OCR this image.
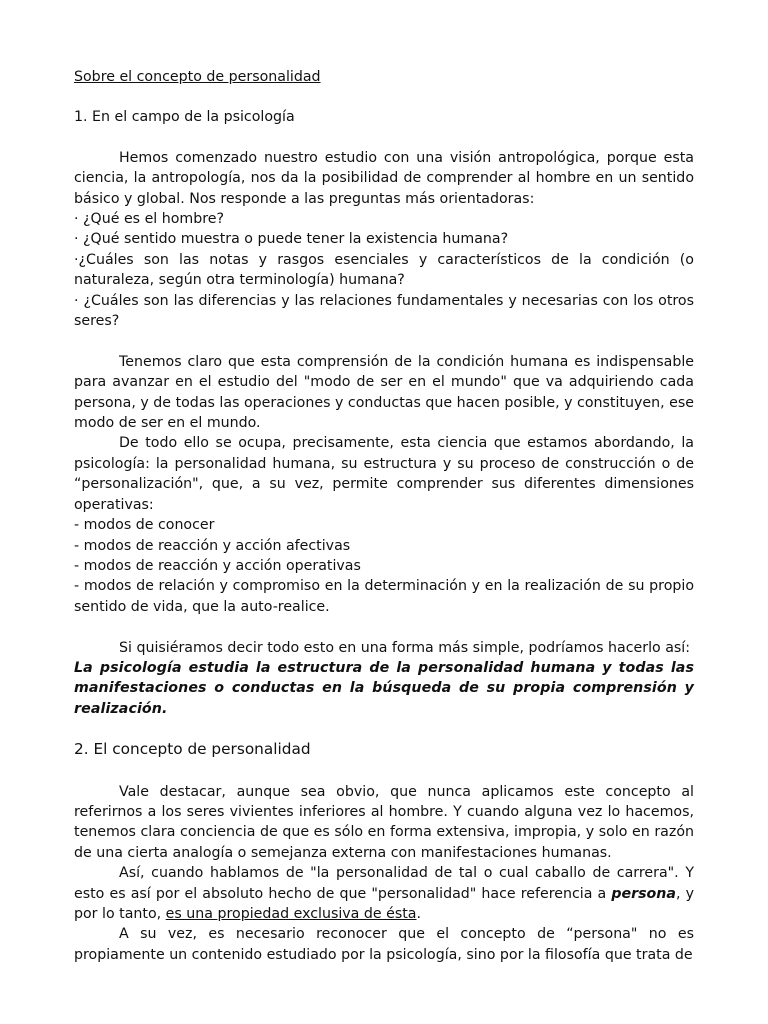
Sobre el concepto de personalidad
1. En el campo de la psicología

Hemos comenzado nuestro estudio con una visión antropológica, porque esta ciencia, la antropología, nos da la posibilidad de comprender al hombre en un sentido básico y global. Nos responde a las preguntas más orientadoras:

· ¿Qué es el hombre?

· ¿Qué sentido muestra o puede tener la existencia humana?

·¿Cuáles son las notas y rasgos esenciales y característicos de la condición (o naturaleza, según otra terminología) humana?

· ¿Cuáles son las diferencias y las relaciones fundamentales y necesarias con los otros seres?

Tenemos claro que esta comprensión de la condición humana es indispensable para avanzar en el estudio del "modo de ser en el mundo" que va adquiriendo cada persona, y de todas las operaciones y conductas que hacen posible, y constituyen, ese modo de ser en el mundo.

De todo ello se ocupa, precisamente, esta ciencia que estamos abordando, la psicología: la personalidad humana, su estructura y su proceso de construcción o de “personalización", que, a su vez, permite comprender sus diferentes dimensiones operativas:

- modos de conocer

- modos de reacción y acción afectivas

- modos de reacción y acción operativas

- modos de relación y compromiso en la determinación y en la realización de su propio sentido de vida, que la auto-realice.

Si quisiéramos decir todo esto en una forma más simple, podríamos hacerlo así:

La psicología estudia la estructura de la personalidad humana y todas las manifestaciones o conductas en la búsqueda de su propia comprensión y realización.

2. El concepto de personalidad

Vale destacar, aunque sea obvio, que nunca aplicamos este concepto al referirnos a los seres vivientes inferiores al hombre. Y cuando alguna vez lo hacemos, tenemos clara conciencia de que es sólo en forma extensiva, impropia, y solo en razón de una cierta analogía o semejanza externa con manifestaciones humanas.

Así, cuando hablamos de "la personalidad de tal o cual caballo de carrera". Y esto es así por el absoluto hecho de que "personalidad" hace referencia a persona, y por lo tanto, es una propiedad exclusiva de ésta.

A su vez, es necesario reconocer que el concepto de “persona" no es propiamente un contenido estudiado por la psicología, sino por la filosofía que trata de
